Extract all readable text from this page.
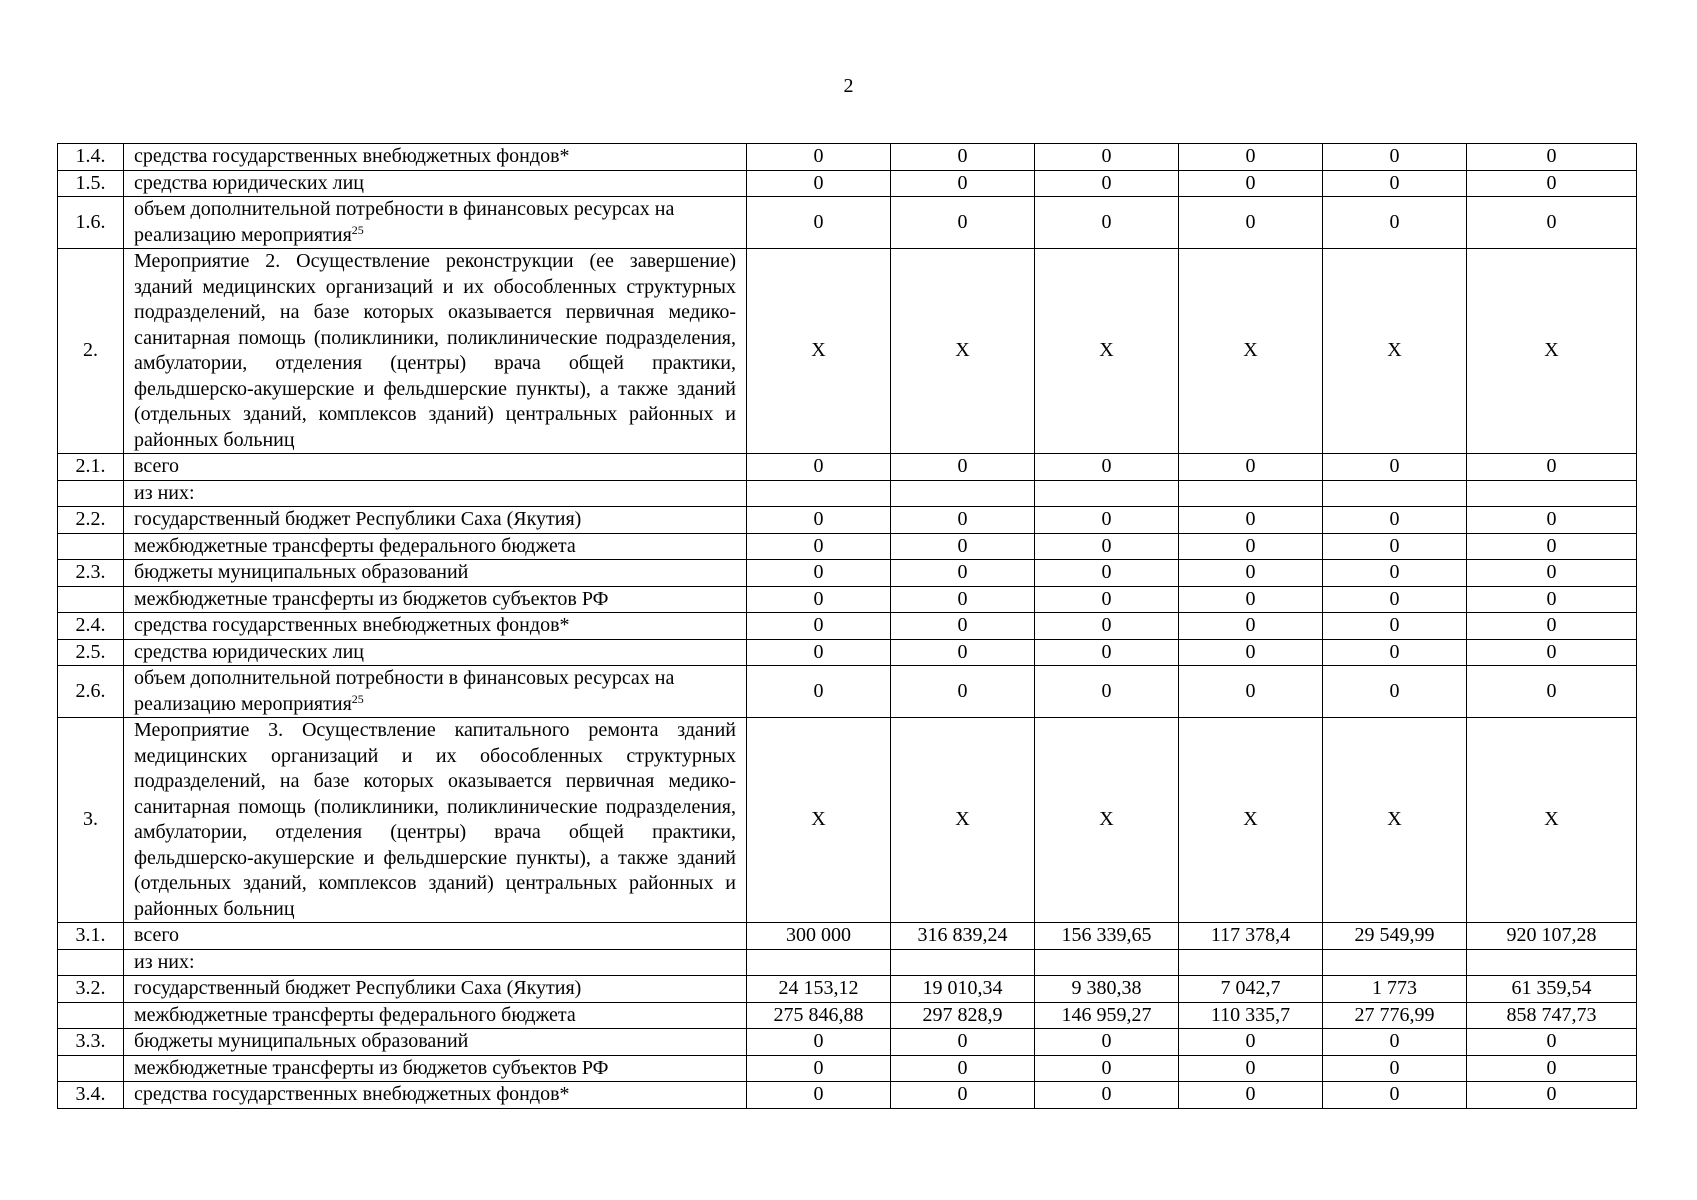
2
1.4.	средства государственных внебюджетных фондов*	0	0	0	0	0	0
1.5.	средства юридических лиц	0	0	0	0	0	0
1.6.	объем дополнительной потребности в финансовых ресурсах на реализацию мероприятия$^{25}$	0	0	0	0	0	0
2.	Мероприятие 2. Осуществление реконструкции (ее завершение) зданий медицинских организаций и их обособленных структурных подразделений, на базе которых оказывается первичная медико-санитарная помощь (поликлиники, поликлинические подразделения, амбулатории, отделения (центры) врача общей практики, фельдшерско-акушерские и фельдшерские пункты), а также зданий (отдельных зданий, комплексов зданий) центральных районных и районных больниц	Х	Х	Х	Х	Х	Х
2.1.	всего	0	0	0	0	0	0
	из них:						
2.2.	государственный бюджет Республики Саха (Якутия)	0	0	0	0	0	0
	межбюджетные трансферты федерального бюджета	0	0	0	0	0	0
2.3.	бюджеты муниципальных образований	0	0	0	0	0	0
	межбюджетные трансферты из бюджетов субъектов РФ	0	0	0	0	0	0
2.4.	средства государственных внебюджетных фондов*	0	0	0	0	0	0
2.5.	средства юридических лиц	0	0	0	0	0	0
2.6.	объем дополнительной потребности в финансовых ресурсах на реализацию мероприятия$^{25}$	0	0	0	0	0	0
3.	Мероприятие 3. Осуществление капитального ремонта зданий медицинских организаций и их обособленных структурных подразделений, на базе которых оказывается первичная медико-санитарная помощь (поликлиники, поликлинические подразделения, амбулатории, отделения (центры) врача общей практики, фельдшерско-акушерские и фельдшерские пункты), а также зданий (отдельных зданий, комплексов зданий) центральных районных и районных больниц	Х	Х	Х	Х	Х	Х
3.1.	всего	300 000	316 839,24	156 339,65	117 378,4	29 549,99	920 107,28
	из них:						
3.2.	государственный бюджет Республики Саха (Якутия)	24 153,12	19 010,34	9 380,38	7 042,7	1 773	61 359,54
	межбюджетные трансферты федерального бюджета	275 846,88	297 828,9	146 959,27	110 335,7	27 776,99	858 747,73
3.3.	бюджеты муниципальных образований	0	0	0	0	0	0
	межбюджетные трансферты из бюджетов субъектов РФ	0	0	0	0	0	0
3.4.	средства государственных внебюджетных фондов*	0	0	0	0	0	0
